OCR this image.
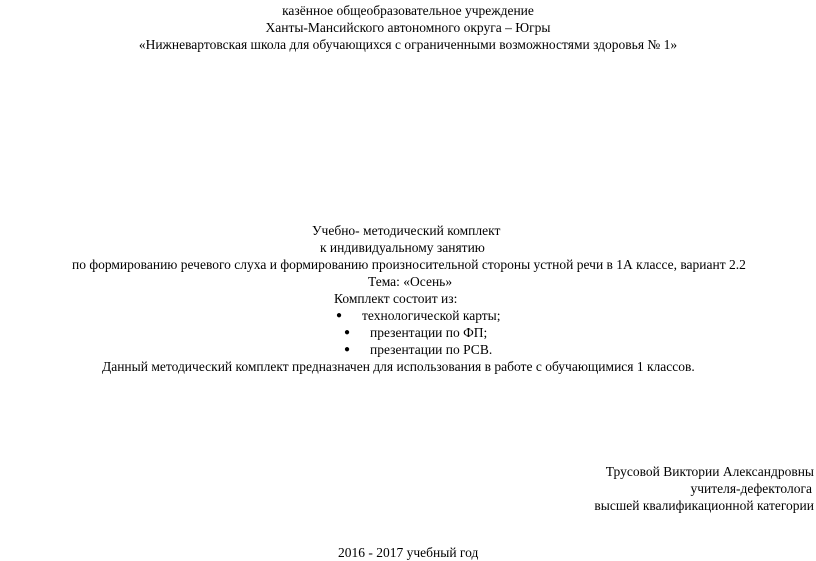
казённое общеобразовательное учреждение
Ханты-Мансийского автономного округа – Югры
«Нижневартовская школа для обучающихся с ограниченными возможностями здоровья № 1»
Учебно- методический комплект
к индивидуальному занятию
по формированию речевого слуха и формированию произносительной стороны устной речи в 1А классе, вариант 2.2
Тема: «Осень»
Комплект состоит из:
● технологической карты;
● презентации по ФП;
● презентации по РСВ.
Данный методический комплект предназначен для использования в работе с обучающимися 1 классов.
Трусовой Виктории Александровны
учителя-дефектолога
высшей квалификационной категории
2016 - 2017 учебный год
